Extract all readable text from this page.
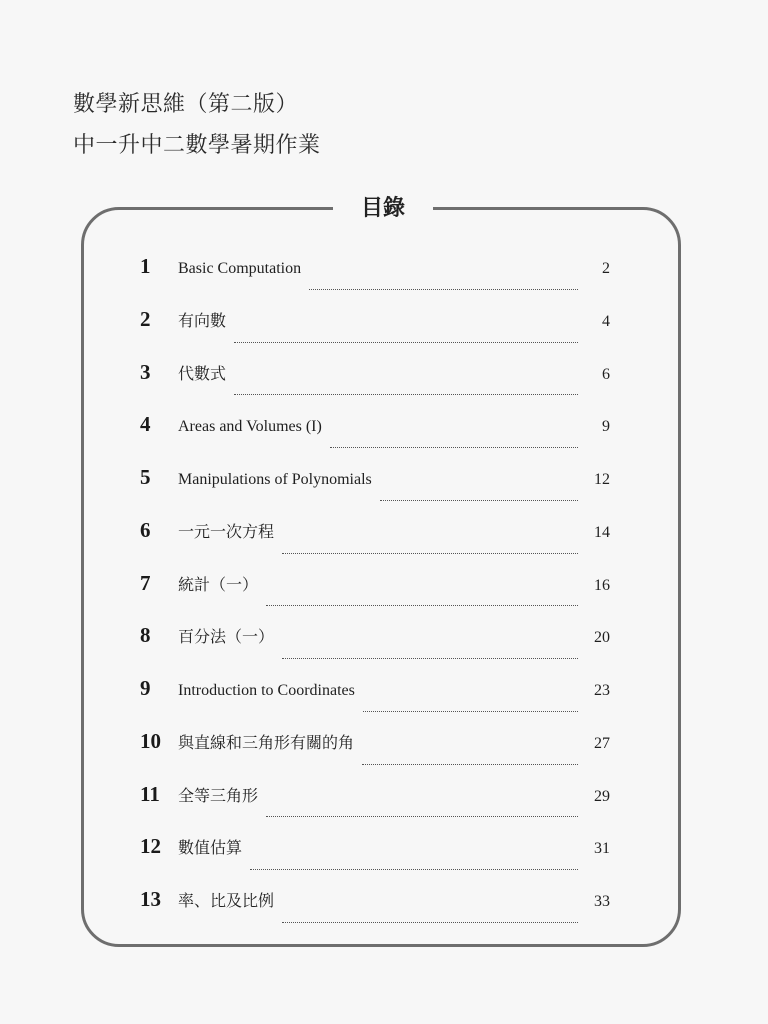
數學新思維（第二版）
中一升中二數學暑期作業
目錄
1	Basic Computation	2
2	有向數	4
3	代數式	6
4	Areas and Volumes (I)	9
5	Manipulations of Polynomials	12
6	一元一次方程	14
7	統計（一）	16
8	百分法（一）	20
9	Introduction to Coordinates	23
10	與直線和三角形有關的角	27
11	全等三角形	29
12	數值估算	31
13	率、比及比例	33
